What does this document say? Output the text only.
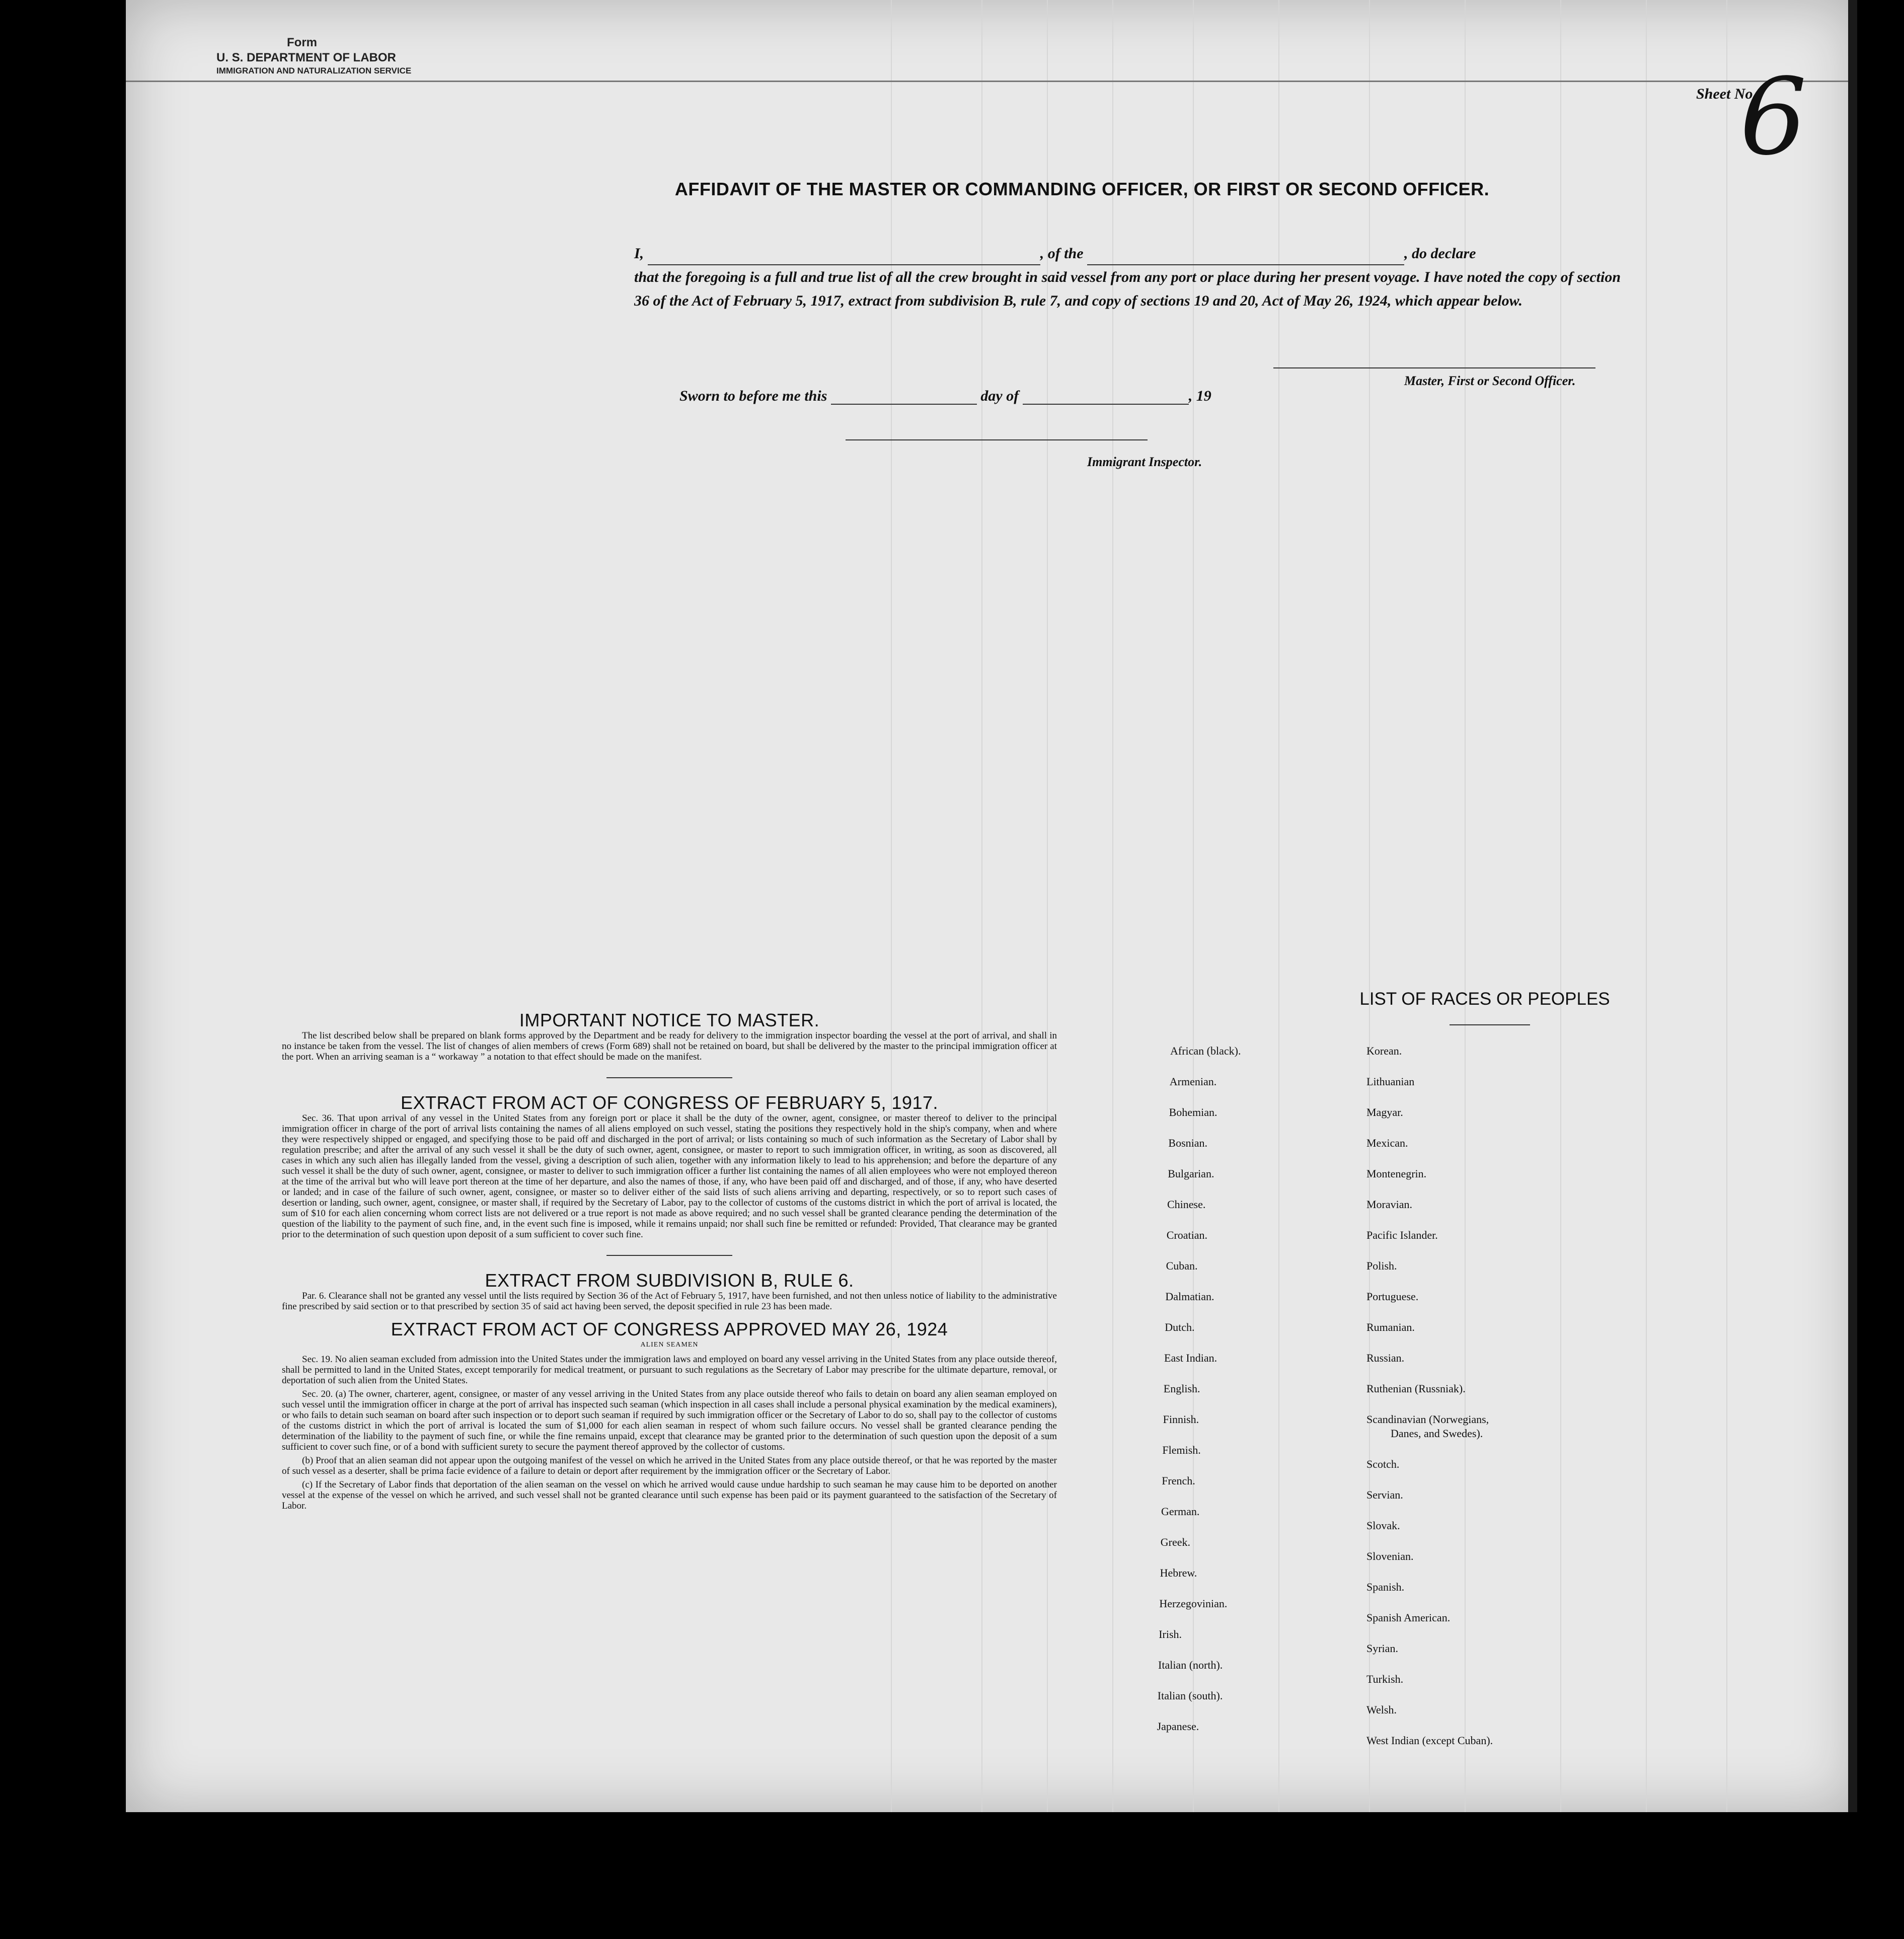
Form
U. S. DEPARTMENT OF LABOR
IMMIGRATION AND NATURALIZATION SERVICE
Sheet No.
6
AFFIDAVIT OF THE MASTER OR COMMANDING OFFICER, OR FIRST OR SECOND OFFICER.
I,	, of the	, do declare
that the foregoing is a full and true list of all the crew brought in said vessel from any port or place during her present voyage. I have noted the copy of section 36 of the Act of February 5, 1917, extract from subdivision B, rule 7, and copy of sections 19 and 20, Act of May 26, 1924, which appear below.
Master, First or Second Officer.
Sworn to before me this	day of	, 19
Immigrant Inspector.
IMPORTANT NOTICE TO MASTER.

The list described below shall be prepared on blank forms approved by the Department and be ready for delivery to the immigration inspector boarding the vessel at the port of arrival, and shall in no instance be taken from the vessel. The list of changes of alien members of crews (Form 689) shall not be retained on board, but shall be delivered by the master to the principal immigration officer at the port. When an arriving seaman is a “ workaway ” a notation to that effect should be made on the manifest.

EXTRACT FROM ACT OF CONGRESS OF FEBRUARY 5, 1917.

Sec. 36. That upon arrival of any vessel in the United States from any foreign port or place it shall be the duty of the owner, agent, consignee, or master thereof to deliver to the principal immigration officer in charge of the port of arrival lists containing the names of all aliens employed on such vessel, stating the positions they respectively hold in the ship's company, when and where they were respectively shipped or engaged, and specifying those to be paid off and discharged in the port of arrival; or lists containing so much of such information as the Secretary of Labor shall by regulation prescribe; and after the arrival of any such vessel it shall be the duty of such owner, agent, consignee, or master to report to such immigration officer, in writing, as soon as discovered, all cases in which any such alien has illegally landed from the vessel, giving a description of such alien, together with any information likely to lead to his apprehension; and before the departure of any such vessel it shall be the duty of such owner, agent, consignee, or master to deliver to such immigration officer a further list containing the names of all alien employees who were not employed thereon at the time of the arrival but who will leave port thereon at the time of her departure, and also the names of those, if any, who have been paid off and discharged, and of those, if any, who have deserted or landed; and in case of the failure of such owner, agent, consignee, or master so to deliver either of the said lists of such aliens arriving and departing, respectively, or so to report such cases of desertion or landing, such owner, agent, consignee, or master shall, if required by the Secretary of Labor, pay to the collector of customs of the customs district in which the port of arrival is located, the sum of $10 for each alien concerning whom correct lists are not delivered or a true report is not made as above required; and no such vessel shall be granted clearance pending the determination of the question of the liability to the payment of such fine, and, in the event such fine is imposed, while it remains unpaid; nor shall such fine be remitted or refunded: Provided, That clearance may be granted prior to the determination of such question upon deposit of a sum sufficient to cover such fine.

EXTRACT FROM SUBDIVISION B, RULE 6.

Par. 6. Clearance shall not be granted any vessel until the lists required by Section 36 of the Act of February 5, 1917, have been furnished, and not then unless notice of liability to the administrative fine prescribed by said section or to that prescribed by section 35 of said act having been served, the deposit specified in rule 23 has been made.

EXTRACT FROM ACT OF CONGRESS APPROVED MAY 26, 1924
ALIEN SEAMEN

Sec. 19. No alien seaman excluded from admission into the United States under the immigration laws and employed on board any vessel arriving in the United States from any place outside thereof, shall be permitted to land in the United States, except temporarily for medical treatment, or pursuant to such regulations as the Secretary of Labor may prescribe for the ultimate departure, removal, or deportation of such alien from the United States.

Sec. 20. (a) The owner, charterer, agent, consignee, or master of any vessel arriving in the United States from any place outside thereof who fails to detain on board any alien seaman employed on such vessel until the immigration officer in charge at the port of arrival has inspected such seaman (which inspection in all cases shall include a personal physical examination by the medical examiners), or who fails to detain such seaman on board after such inspection or to deport such seaman if required by such immigration officer or the Secretary of Labor to do so, shall pay to the collector of customs of the customs district in which the port of arrival is located the sum of $1,000 for each alien seaman in respect of whom such failure occurs. No vessel shall be granted clearance pending the determination of the liability to the payment of such fine, or while the fine remains unpaid, except that clearance may be granted prior to the determination of such question upon the deposit of a sum sufficient to cover such fine, or of a bond with sufficient surety to secure the payment thereof approved by the collector of customs.

(b) Proof that an alien seaman did not appear upon the outgoing manifest of the vessel on which he arrived in the United States from any place outside thereof, or that he was reported by the master of such vessel as a deserter, shall be prima facie evidence of a failure to detain or deport after requirement by the immigration officer or the Secretary of Labor.

(c) If the Secretary of Labor finds that deportation of the alien seaman on the vessel on which he arrived would cause undue hardship to such seaman he may cause him to be deported on another vessel at the expense of the vessel on which he arrived, and such vessel shall not be granted clearance until such expense has been paid or its payment guaranteed to the satisfaction of the Secretary of Labor.

LIST OF RACES OR PEOPLES
African (black).
Armenian.
Bohemian.
Bosnian.
Bulgarian.
Chinese.
Croatian.
Cuban.
Dalmatian.
Dutch.
East Indian.
English.
Finnish.
Flemish.
French.
German.
Greek.
Hebrew.
Herzegovinian.
Irish.
Italian (north).
Italian (south).
Japanese.
Korean.
Lithuanian
Magyar.
Mexican.
Montenegrin.
Moravian.
Pacific Islander.
Polish.
Portuguese.
Rumanian.
Russian.
Ruthenian (Russniak).
Scandinavian (Norwegians,
Danes, and Swedes).
Scotch.
Servian.
Slovak.
Slovenian.
Spanish.
Spanish American.
Syrian.
Turkish.
Welsh.
West Indian (except Cuban).
